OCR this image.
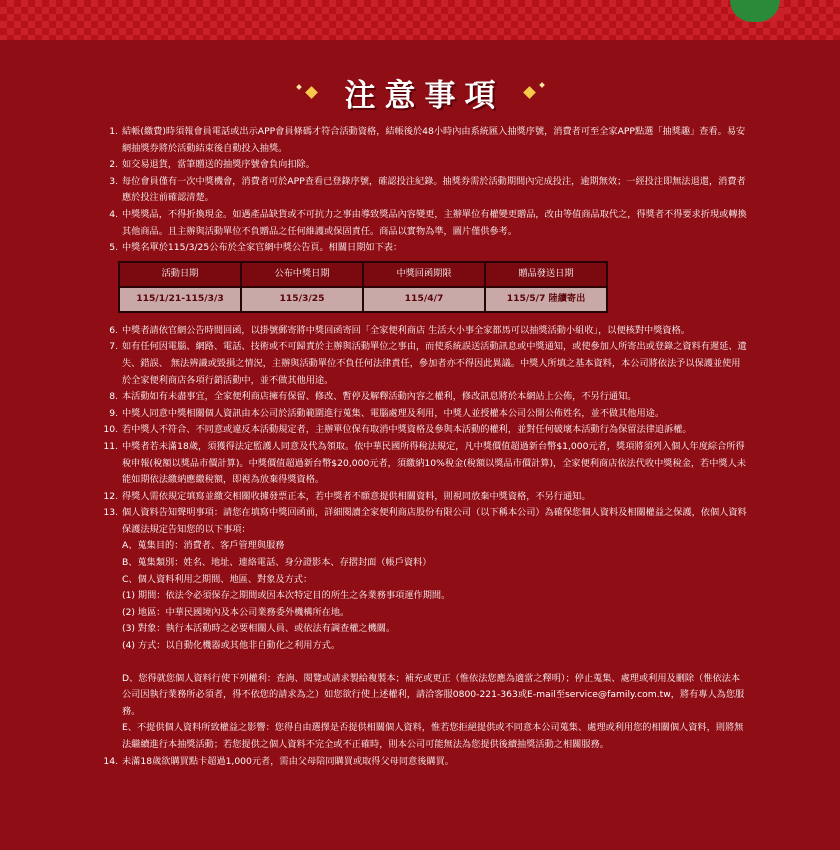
注意事項
1. 結帳(繳費)時須報會員電話或出示APP會員條碼才符合活動資格，結帳後於48小時內由系統匯入抽獎序號，消費者可至全家APP點選「抽獎趣」查看。易安網抽獎券將於活動結束後自動投入抽獎。
2. 如交易退貨，當筆贈送的抽獎序號會負向扣除。
3. 每位會員僅有一次中獎機會，消費者可於APP查看已登錄序號，確認投注紀錄。抽獎券需於活動期間內完成投注，逾期無效；一經投注即無法退還，消費者應於投注前確認清楚。
4. 中獎獎品，不得折換現金。如遇產品缺貨或不可抗力之事由導致獎品內容變更，主辦單位有權變更贈品，改由等值商品取代之，得獎者不得要求折現或轉換其他商品。且主辦與活動單位不負贈品之任何維護或保固責任。商品以實物為準，圖片僅供參考。
5. 中獎名單於115/3/25公布於全家官網中獎公告頁。相關日期如下表：
活動日期	公布中獎日期	中獎回函期限	贈品發送日期
115/1/21-115/3/3	115/3/25	115/4/7	115/5/7 陸續寄出
6. 中獎者請依官網公告時間回函，以掛號郵寄將中獎回函寄回「全家便利商店 生活大小事全家都馬可以抽獎活動小組收」，以便核對中獎資格。
7. 如有任何因電腦、網路、電話、技術或不可歸責於主辦與活動單位之事由，而使系統誤送活動訊息或中獎通知，或使參加人所寄出或登錄之資料有遲延、遺失、錯誤、 無法辨識或毀損之情況，主辦與活動單位不負任何法律責任，參加者亦不得因此異議。中獎人所填之基本資料，本公司將依法予以保護並使用於全家便利商店各項行銷活動中，並不做其他用途。
8. 本活動如有未盡事宜，全家便利商店擁有保留、修改、暫停及解釋活動內容之權利，修改訊息將於本網站上公佈，不另行通知。
9. 中獎人同意中獎相關個人資訊由本公司於活動範圍進行蒐集、電腦處理及利用，中獎人並授權本公司公開公佈姓名，並不做其他用途。
10. 若中獎人不符合、不同意或違反本活動規定者，主辦單位保有取消中獎資格及參與本活動的權利，並對任何破壞本活動行為保留法律追訴權。
11. 中獎者若未滿18歲，須獲得法定監護人同意及代為領取。依中華民國所得稅法規定，凡中獎價值超過新台幣$1,000元者，獎項將須列入個人年度綜合所得稅申報(稅額以獎品市價計算)。中獎價值超過新台幣$20,000元者，須繳納10%稅金(稅額以獎品市價計算)，全家便利商店依法代收中獎稅金，若中獎人未能如期依法繳納應繳稅額，即視為放棄得獎資格。
12. 得獎人需依規定填寫並繳交相關收據發票正本，若中獎者不願意提供相關資料，則視同放棄中獎資格，不另行通知。
13. 個人資料告知聲明事項：請您在填寫中獎回函前，詳細閱讀全家便利商店股份有限公司（以下稱本公司）為確保您個人資料及相關權益之保護，依個人資料保護法規定告知您的以下事項：
A、蒐集目的：消費者、客戶管理與服務
B、蒐集類別：姓名、地址、連絡電話、身分證影本、存摺封面（帳戶資料）
C、個人資料利用之期間、地區、對象及方式：
(1) 期間：依法令必須保存之期間或因本次特定目的所生之各業務事項運作期間。
(2) 地區：中華民國境內及本公司業務委外機構所在地。
(3) 對象：執行本活動時之必要相關人員、或依法有調查權之機關。
(4) 方式：以自動化機器或其他非自動化之利用方式。
D、您得就您個人資料行使下列權利：查詢、閱覽或請求製給複製本；補充或更正（惟依法您應為適當之釋明）；停止蒐集、處理或利用及刪除（惟依法本公司因執行業務所必須者，得不依您的請求為之）如您欲行使上述權利，請洽客服0800-221-363或E-mail至service@family.com.tw，將有專人為您服務。
E、不提供個人資料所致權益之影響：您得自由選擇是否提供相關個人資料，惟若您拒絕提供或不同意本公司蒐集、處理或利用您的相關個人資料，則將無法繼續進行本抽獎活動；若您提供之個人資料不完全或不正確時，則本公司可能無法為您提供後續抽獎活動之相關服務。
14. 未滿18歲欲購買點卡超過1,000元者，需由父母陪同購買或取得父母同意後購買。
